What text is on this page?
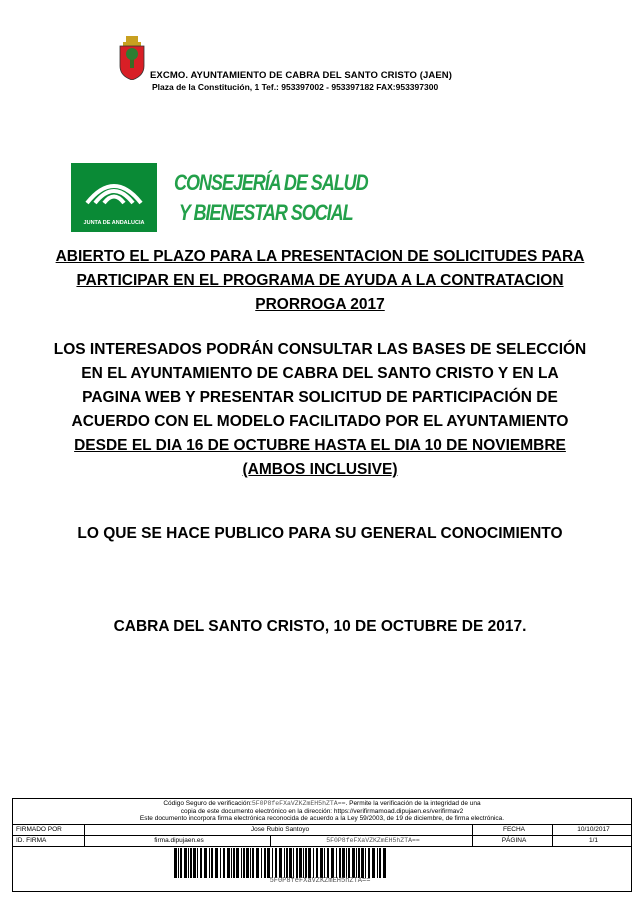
EXCMO. AYUNTAMIENTO DE CABRA DEL SANTO CRISTO (JAEN)
Plaza de la Constitución, 1 Tef.: 953397002 - 953397182 FAX:953397300
JUNTA DE ANDALUCIA
CONSEJERÍA DE SALUD
Y BIENESTAR SOCIAL
ABIERTO EL PLAZO PARA LA PRESENTACION DE SOLICITUDES PARA PARTICIPAR EN EL PROGRAMA DE AYUDA A LA CONTRATACION PRORROGA 2017
LOS INTERESADOS PODRÁN CONSULTAR LAS BASES DE SELECCIÓN EN EL AYUNTAMIENTO DE CABRA DEL SANTO CRISTO Y EN LA PAGINA WEB Y PRESENTAR SOLICITUD DE PARTICIPACIÓN DE ACUERDO CON EL MODELO FACILITADO POR EL AYUNTAMIENTO DESDE EL DIA 16 DE OCTUBRE HASTA EL DIA 10 DE NOVIEMBRE (AMBOS INCLUSIVE)
LO QUE SE HACE PUBLICO PARA SU GENERAL CONOCIMIENTO
CABRA DEL SANTO CRISTO, 10 DE OCTUBRE DE 2017.
Código Seguro de verificación:5F0P8feFXaVZKZmEH5hZTA==. Permite la verificación de la integridad de una
copia de este documento electrónico en la dirección: https://verifirmamoad.dipujaen.es/verifirmav2
Este documento incorpora firma electrónica reconocida de acuerdo a la Ley 59/2003, de 19 de diciembre, de firma electrónica.
FIRMADO POR	Jose Rubio Santoyo	FECHA	10/10/2017
ID. FIRMA	firma.dipujaen.es	5F0P8feFXaVZKZmEH5hZTA==	PÁGINA	1/1
5F0P8feFXaVZKZmEH5hZTA==
